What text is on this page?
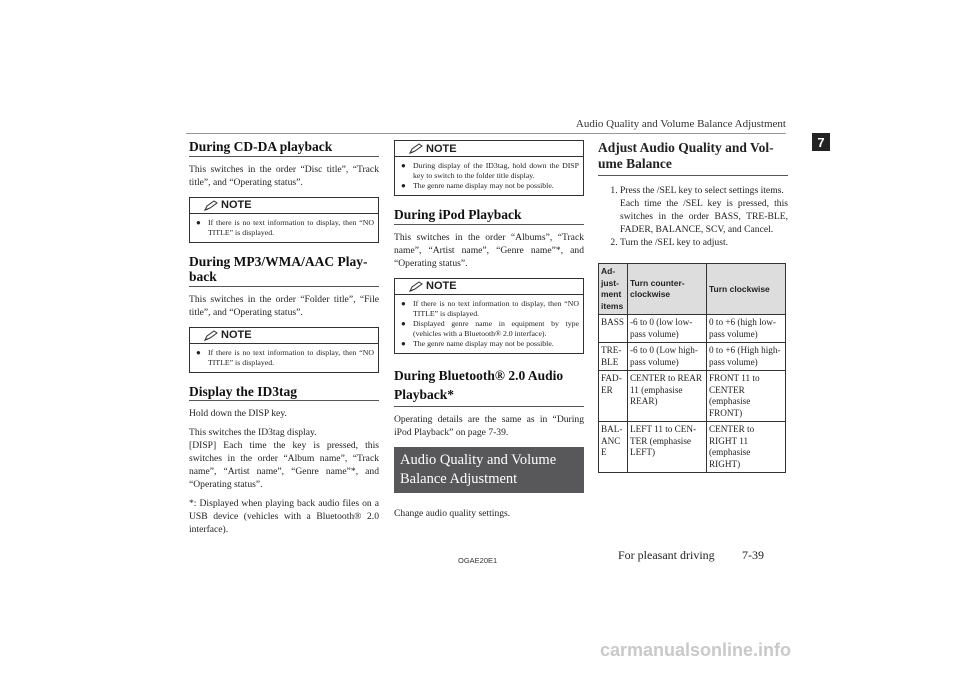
Audio Quality and Volume Balance Adjustment
7
During CD-DA playback

This switches in the order “Disc title”, “Track title”, and “Operating status”.

NOTE
● If there is no text information to display, then “NO TITLE” is displayed.
During MP3/WMA/AAC Play-back

This switches in the order “Folder title”, “File title”, and “Operating status”.

NOTE
● If there is no text information to display, then “NO TITLE” is displayed.
Display the ID3tag

Hold down the DISP key.

This switches the ID3tag display.

[DISP] Each time the key is pressed, this switches in the order “Album name”, “Track name”, “Artist name”, “Genre name”*, and “Operating status”.

*: Displayed when playing back audio files on a USB device (vehicles with a Bluetooth® 2.0 interface).

NOTE
● During display of the ID3tag, hold down the DISP key to switch to the folder title display.
● The genre name display may not be possible.
During iPod Playback

This switches in the order “Albums”, “Track name”, “Artist name”, “Genre name”*, and “Operating status”.

NOTE
● If there is no text information to display, then “NO TITLE” is displayed.
● Displayed genre name in equipment by type (vehicles with a Bluetooth® 2.0 interface).
● The genre name display may not be possible.
During Bluetooth® 2.0 Audio Playback*

Operating details are the same as in “During iPod Playback” on page 7-39.

Audio Quality and Volume Balance Adjustment

Change audio quality settings.

Adjust Audio Quality and Vol-ume Balance
1. Press the /SEL key to select settings items.
Each time the /SEL key is pressed, this switches in the order BASS, TRE-BLE, FADER, BALANCE, SCV, and Cancel.
2. Turn the /SEL key to adjust.
Ad-just-ment items	Turn counter-clockwise	Turn clockwise
BASS	-6 to 0 (low low-pass volume)	0 to +6 (high low-pass volume)
TRE-BLE	-6 to 0 (Low high-pass volume)	0 to +6 (High high-pass volume)
FAD-ER	CENTER to REAR 11 (emphasise REAR)	FRONT 11 to CENTER (emphasise FRONT)
BAL-ANC E	LEFT 11 to CEN-TER (emphasise LEFT)	CENTER to RIGHT 11 (emphasise RIGHT)
OGAE20E1	For pleasant driving 7-39
carmanualsonline.info
